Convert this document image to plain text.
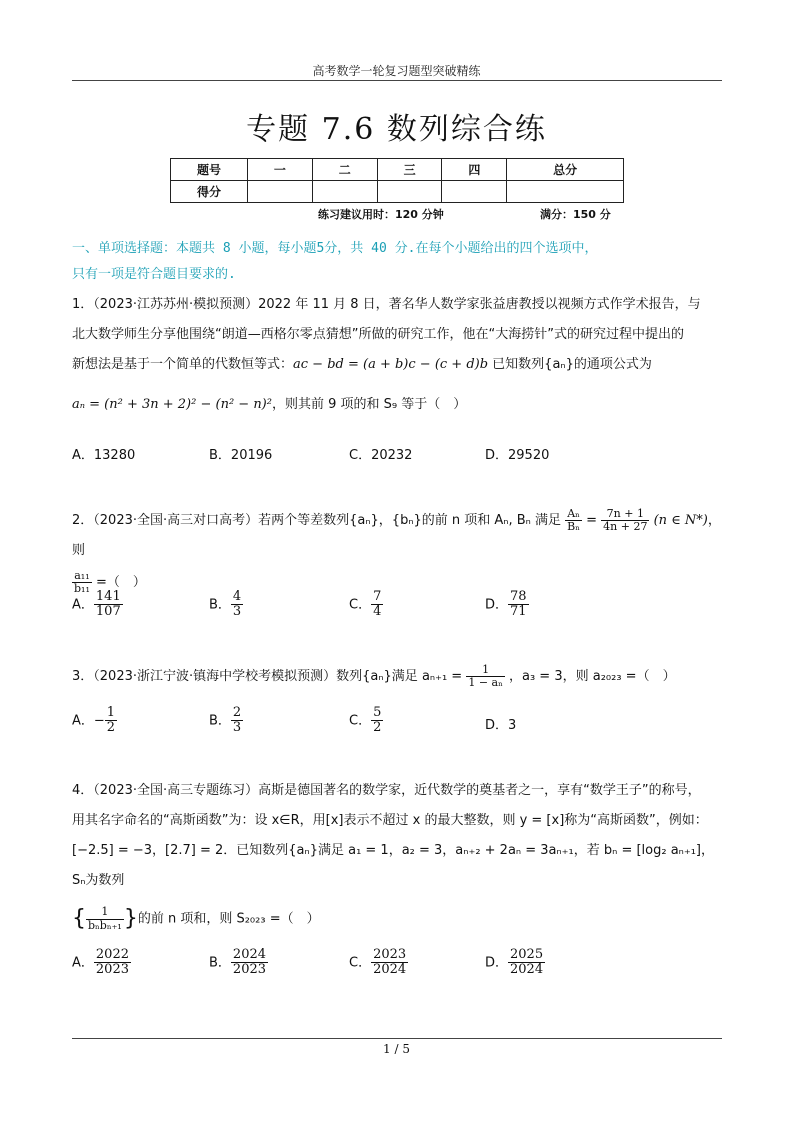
高考数学一轮复习题型突破精练
专题 7.6 数列综合练
题号	一	二	三	四	总分
得分					
练习建议用时：120 分钟	满分：150 分
一、单项选择题：本题共 8 小题，每小题5分，共 40 分.在每个小题给出的四个选项中，
只有一项是符合题目要求的.
1．（2023·江苏苏州·模拟预测）2022 年 11 月 8 日，著名华人数学家张益唐教授以视频方式作学术报告，与
北大数学师生分享他围绕“朗道—西格尔零点猜想”所做的研究工作，他在“大海捞针”式的研究过程中提出的
新想法是基于一个简单的代数恒等式：ac − bd = (a + b)c − (c + d)b 已知数列{aₙ}的通项公式为
aₙ = (n² + 3n + 2)² − (n² − n)²，则其前 9 项的和 S₉ 等于（　）
A．13280	B．20196	C．20232	D．29520
2．（2023·全国·高三对口高考）若两个等差数列{aₙ}，{bₙ}的前 n 项和 Aₙ, Bₙ 满足 $\frac{\text{Aₙ}}{\text{Bₙ}} = \frac{7n + 1}{4n + 27} (n$ ∈ N*)，则
$\frac{\text{a₁₁}}{\text{b₁₁}}$ =（　）
A． $\frac{141}{107}$	B． $\frac{4}{3}$	C． $\frac{7}{4}$	D． $\frac{78}{71}$
3．（2023·浙江宁波·镇海中学校考模拟预测）数列{aₙ}满足 $a_{n+1} = \frac{1}{\text{1 − aₙ}}$ ，a₃ = 3，则 a₂₀₂₃ =（　）
A．− $\frac{1}{2}$	B． $\frac{2}{3}$	C． $\frac{5}{2}$	D．3
4．（2023·全国·高三专题练习）高斯是德国著名的数学家，近代数学的奠基者之一，享有“数学王子”的称号，
用其名字命名的“高斯函数”为：设 x∈R，用[x]表示不超过 x 的最大整数，则 y = [x]称为“高斯函数”，例如：
[−2.5] = −3，[2.7] = 2．已知数列{aₙ}满足 a₁ = 1，a₂ = 3，aₙ₊₂ + 2aₙ = 3aₙ₊₁，若 bₙ = [log₂ aₙ₊₁]，Sₙ为数列
{ $\frac{1}{\text{bₙbₙ₊₁}}$ }的前 n 项和，则 S₂₀₂₃ =（　）
A． $\frac{2022}{2023}$	B． $\frac{2024}{2023}$	C． $\frac{2023}{2024}$	D． $\frac{2025}{2024}$
1 / 5
